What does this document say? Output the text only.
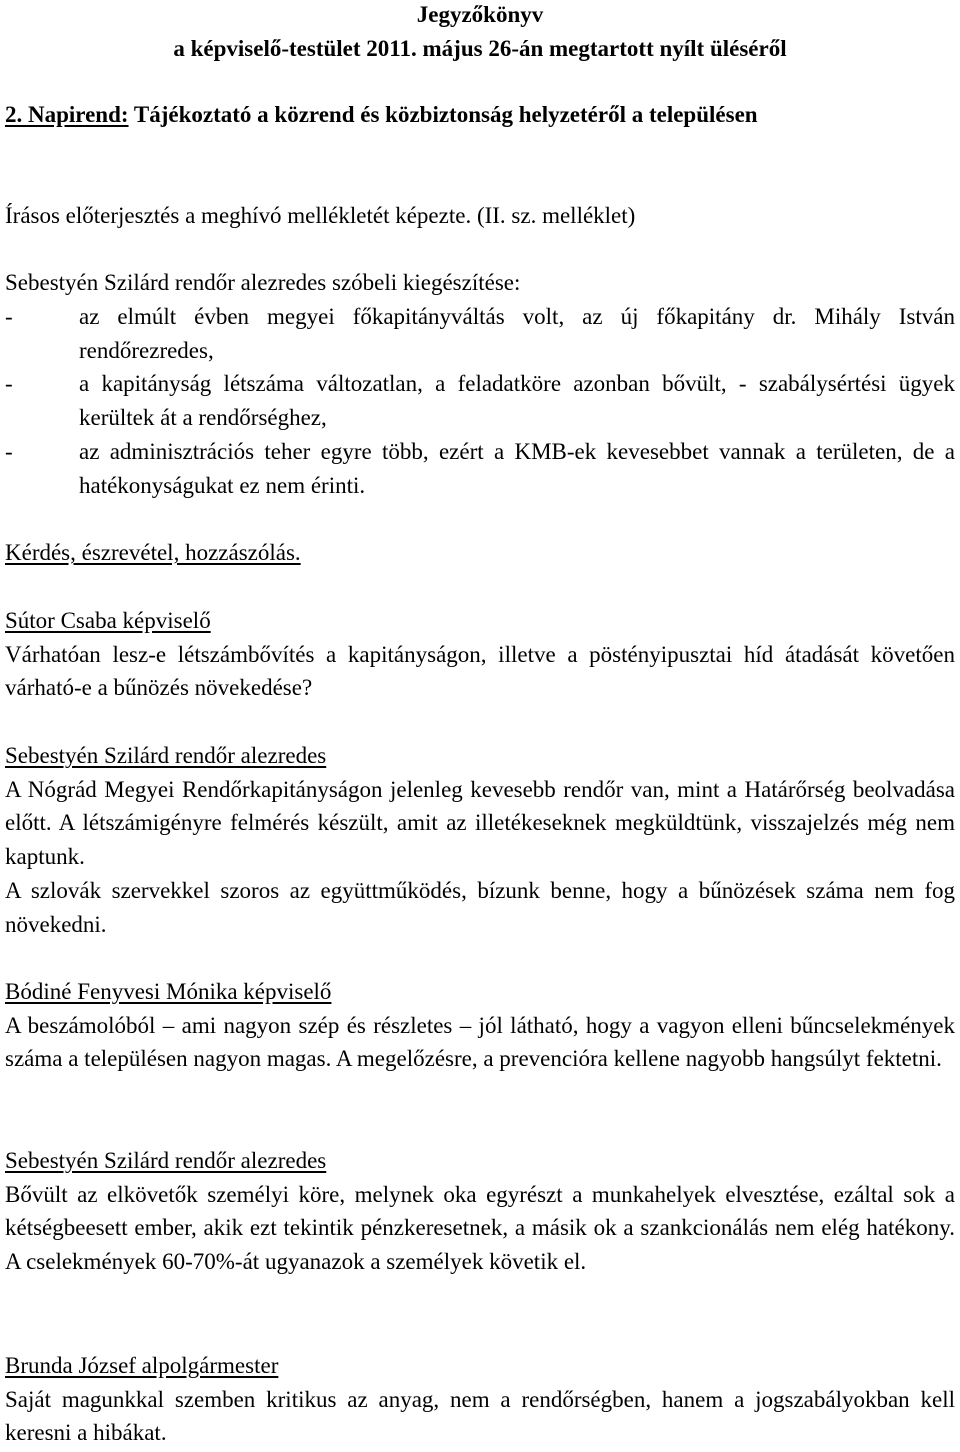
Jegyzőkönyv
a képviselő-testület 2011. május 26-án megtartott nyílt üléséről

2. Napirend: Tájékoztató a közrend és közbiztonság helyzetéről a településen

Írásos előterjesztés a meghívó mellékletét képezte. (II. sz. melléklet)

Sebestyén Szilárd rendőr alezredes szóbeli kiegészítése:

-	az elmúlt évben megyei főkapitányváltás volt, az új főkapitány dr. Mihály István rendőrezredes,
-	a kapitányság létszáma változatlan, a feladatköre azonban bővült, - szabálysértési ügyek kerültek át a rendőrséghez,
-	az adminisztrációs teher egyre több, ezért a KMB-ek kevesebbet vannak a területen, de a hatékonyságukat ez nem érinti.

Kérdés, észrevétel, hozzászólás.

Sútor Csaba képviselő

Várhatóan lesz-e létszámbővítés a kapitányságon, illetve a pöstényipusztai híd átadását követően várható-e a bűnözés növekedése?

Sebestyén Szilárd rendőr alezredes

A Nógrád Megyei Rendőrkapitányságon jelenleg kevesebb rendőr van, mint a Határőrség beolvadása előtt. A létszámigényre felmérés készült, amit az illetékeseknek megküldtünk, visszajelzés még nem kaptunk.

A szlovák szervekkel szoros az együttműködés, bízunk benne, hogy a bűnözések száma nem fog növekedni.

Bódiné Fenyvesi Mónika képviselő

A beszámolóból – ami nagyon szép és részletes – jól látható, hogy a vagyon elleni bűncselekmények száma a településen nagyon magas. A megelőzésre, a prevencióra kellene nagyobb hangsúlyt fektetni.

Sebestyén Szilárd rendőr alezredes

Bővült az elkövetők személyi köre, melynek oka egyrészt a munkahelyek elvesztése, ezáltal sok a kétségbeesett ember, akik ezt tekintik pénzkeresetnek, a másik ok a szankcionálás nem elég hatékony. A cselekmények 60-70%-át ugyanazok a személyek követik el.

Brunda József alpolgármester

Saját magunkkal szemben kritikus az anyag, nem a rendőrségben, hanem a jogszabályokban kell keresni a hibákat.
